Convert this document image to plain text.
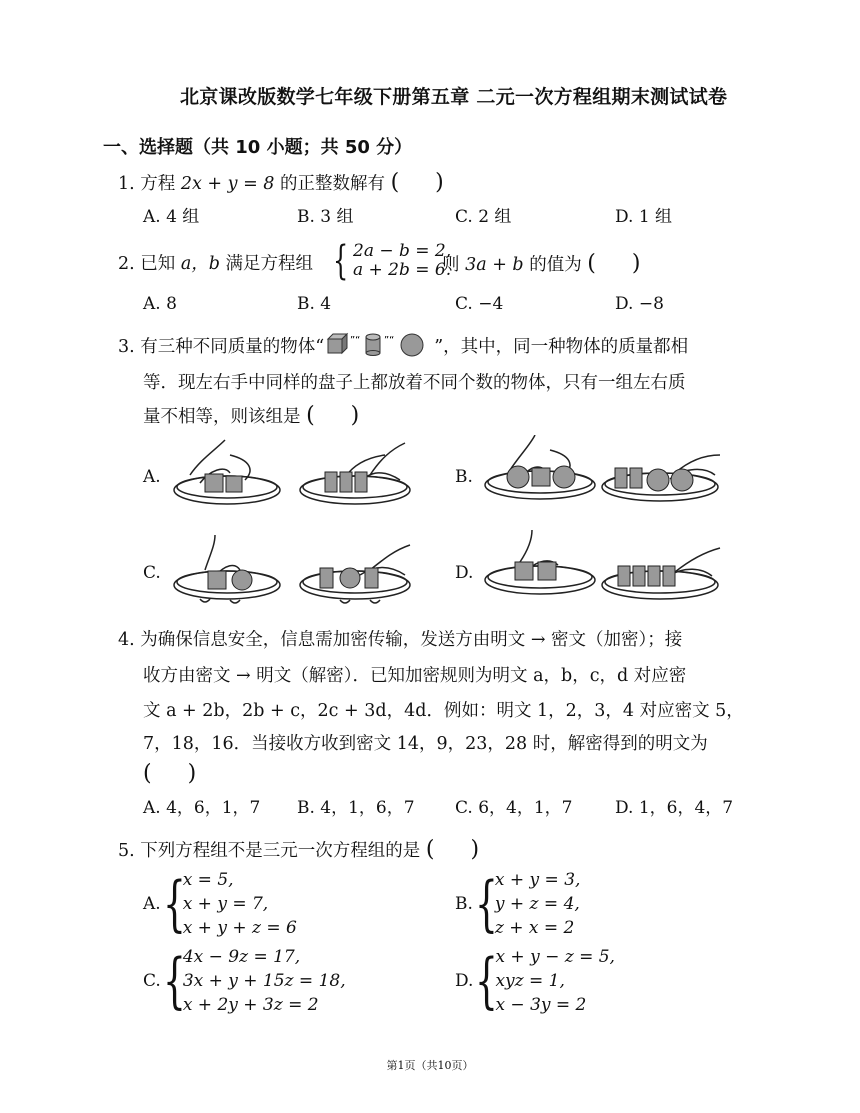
北京课改版数学七年级下册第五章 二元一次方程组期末测试试卷
一、选择题（共 10 小题；共 50 分）
1. 方程 2x + y = 8 的正整数解有 ( )
A. 4 组	B. 3 组	C. 2 组	D. 1 组
2. 已知 a，b 满足方程组 { 2a − b = 2,
a + 2b = 6.
则 3a + b 的值为 ( )
A. 8	B. 4	C. −4	D. −8
3. 有三种不同质量的物体“	”“ ”“ ”，其中，同一种物体的质量都相
等．现左右手中同样的盘子上都放着不同个数的物体，只有一组左右质
量不相等，则该组是 ( )
A.	B.
C.	D.
4. 为确保信息安全，信息需加密传输，发送方由明文 → 密文（加密）；接
收方由密文 → 明文（解密）．已知加密规则为明文 a，b，c，d 对应密
文 a + 2b，2b + c，2c + 3d，4d．例如：明文 1，2，3，4 对应密文 5，
7，18，16．当接收方收到密文 14，9，23，28 时，解密得到的明文为
( )
A. 4，6，1，7 B. 4，1，6，7 C. 6，4，1，7	D. 1，6，4，7
5. 下列方程组不是三元一次方程组的是 ( )
A. {
x = 5,
x + y = 7,
x + y + z = 6
B. {
x + y = 3,
y + z = 4,
z + x = 2
C. {
4x − 9z = 17,
3x + y + 15z = 18,
x + 2y + 3z = 2
D. {
x + y − z = 5,
xyz = 1,
x − 3y = 2
第1页（共10页）
